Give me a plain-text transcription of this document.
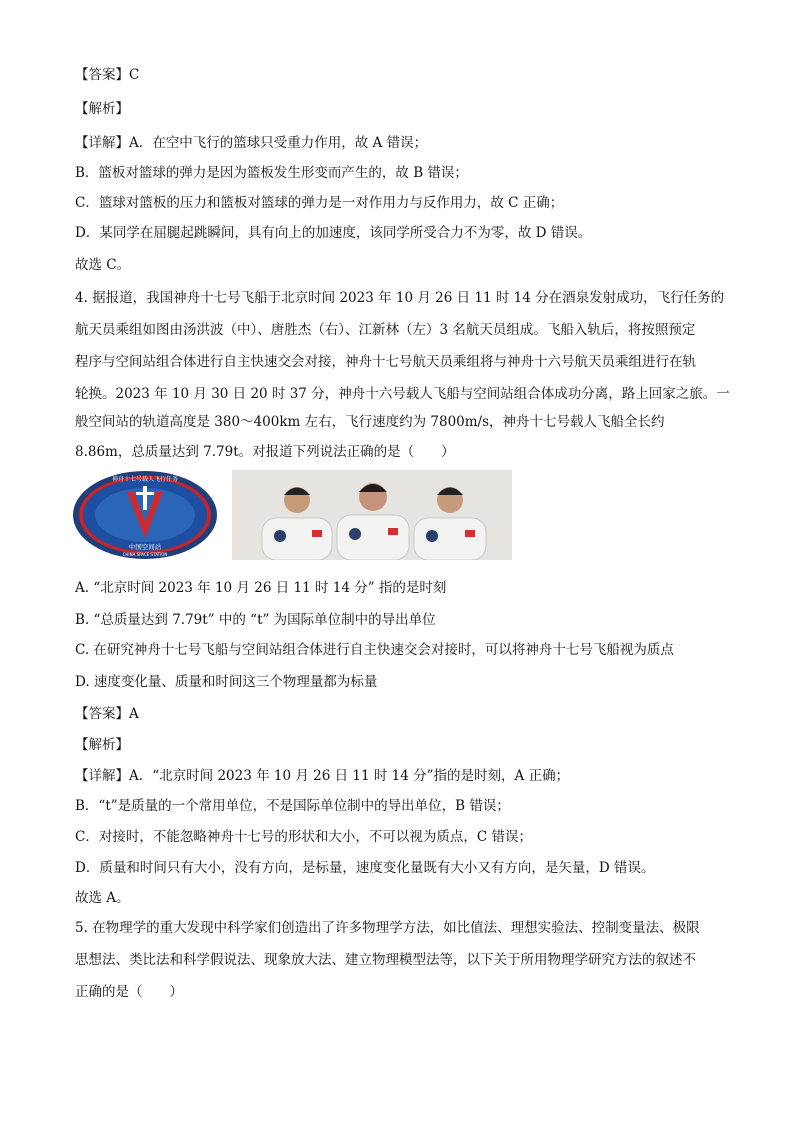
【答案】C
【解析】
【详解】A．在空中飞行的篮球只受重力作用，故 A 错误；
B．篮板对篮球的弹力是因为篮板发生形变而产生的，故 B 错误；
C．篮球对篮板的压力和篮板对篮球的弹力是一对作用力与反作用力，故 C 正确；
D．某同学在屈腿起跳瞬间，具有向上的加速度，该同学所受合力不为零，故 D 错误。
故选 C。
4. 据报道，我国神舟十七号飞船于北京时间 2023 年 10 月 26 日 11 时 14 分在酒泉发射成功，飞行任务的
航天员乘组如图由汤洪波（中）、唐胜杰（右）、江新林（左）3 名航天员组成。飞船入轨后，将按照预定
程序与空间站组合体进行自主快速交会对接，神舟十七号航天员乘组将与神舟十六号航天员乘组进行在轨
轮换。2023 年 10 月 30 日 20 时 37 分，神舟十六号载人飞船与空间站组合体成功分离，路上回家之旅。一
般空间站的轨道高度是 380～400km 左右，飞行速度约为 7800m/s，神舟十七号载人飞船全长约
8.86m，总质量达到 7.79t。对报道下列说法正确的是（　　）
神舟十七号载人飞行任务
中国空间站
CHINA SPACE STATION
A. “北京时间 2023 年 10 月 26 日 11 时 14 分” 指的是时刻
B. “总质量达到 7.79t” 中的 “t” 为国际单位制中的导出单位
C. 在研究神舟十七号飞船与空间站组合体进行自主快速交会对接时，可以将神舟十七号飞船视为质点
D. 速度变化量、质量和时间这三个物理量都为标量
【答案】A
【解析】
【详解】A．“北京时间 2023 年 10 月 26 日 11 时 14 分”指的是时刻，A 正确；
B．“t”是质量的一个常用单位，不是国际单位制中的导出单位，B 错误；
C．对接时，不能忽略神舟十七号的形状和大小，不可以视为质点，C 错误；
D．质量和时间只有大小，没有方向，是标量，速度变化量既有大小又有方向，是矢量，D 错误。
故选 A。
5. 在物理学的重大发现中科学家们创造出了许多物理学方法，如比值法、理想实验法、控制变量法、极限
思想法、类比法和科学假说法、现象放大法、建立物理模型法等，以下关于所用物理学研究方法的叙述不
正确的是（　　）
